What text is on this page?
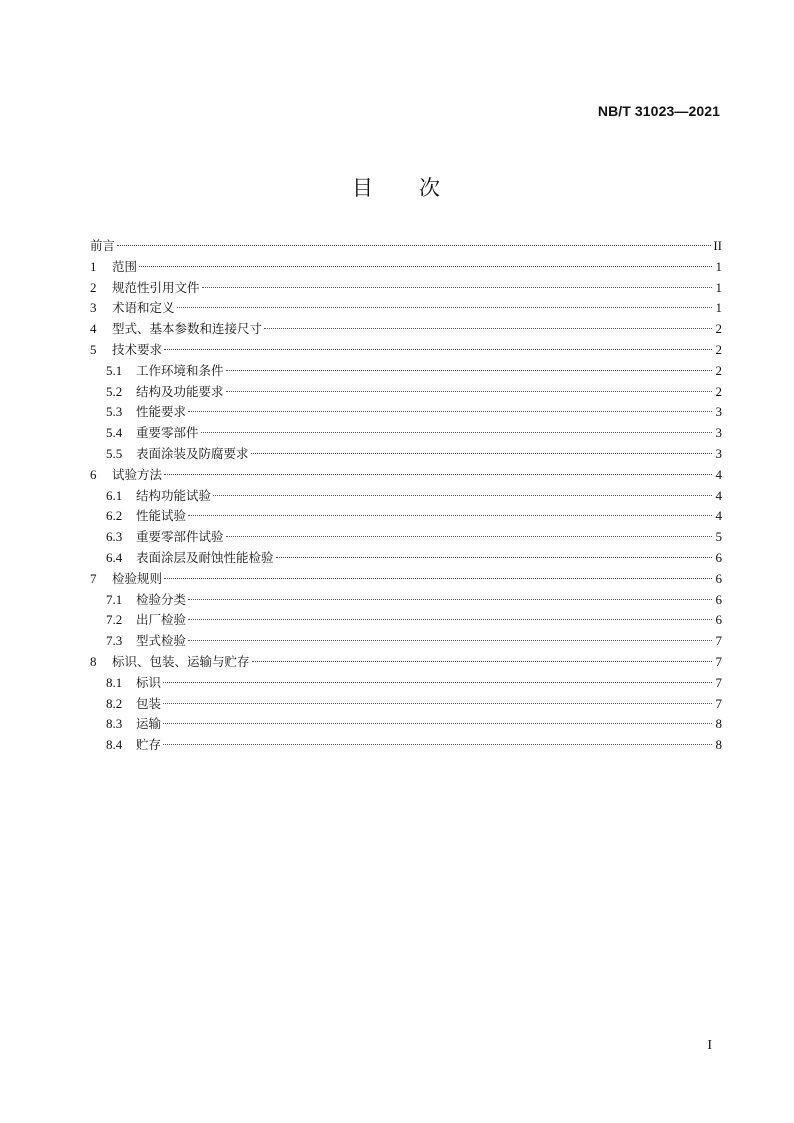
NB/T 31023—2021
目 次
前言	II
1	范围	1
2	规范性引用文件	1
3	术语和定义	1
4	型式、基本参数和连接尺寸	2
5	技术要求	2
5.1	工作环境和条件	2
5.2	结构及功能要求	2
5.3	性能要求	3
5.4	重要零部件	3
5.5	表面涂装及防腐要求	3
6	试验方法	4
6.1	结构功能试验	4
6.2	性能试验	4
6.3	重要零部件试验	5
6.4	表面涂层及耐蚀性能检验	6
7	检验规则	6
7.1	检验分类	6
7.2	出厂检验	6
7.3	型式检验	7
8	标识、包装、运输与贮存	7
8.1	标识	7
8.2	包装	7
8.3	运输	8
8.4	贮存	8
I
